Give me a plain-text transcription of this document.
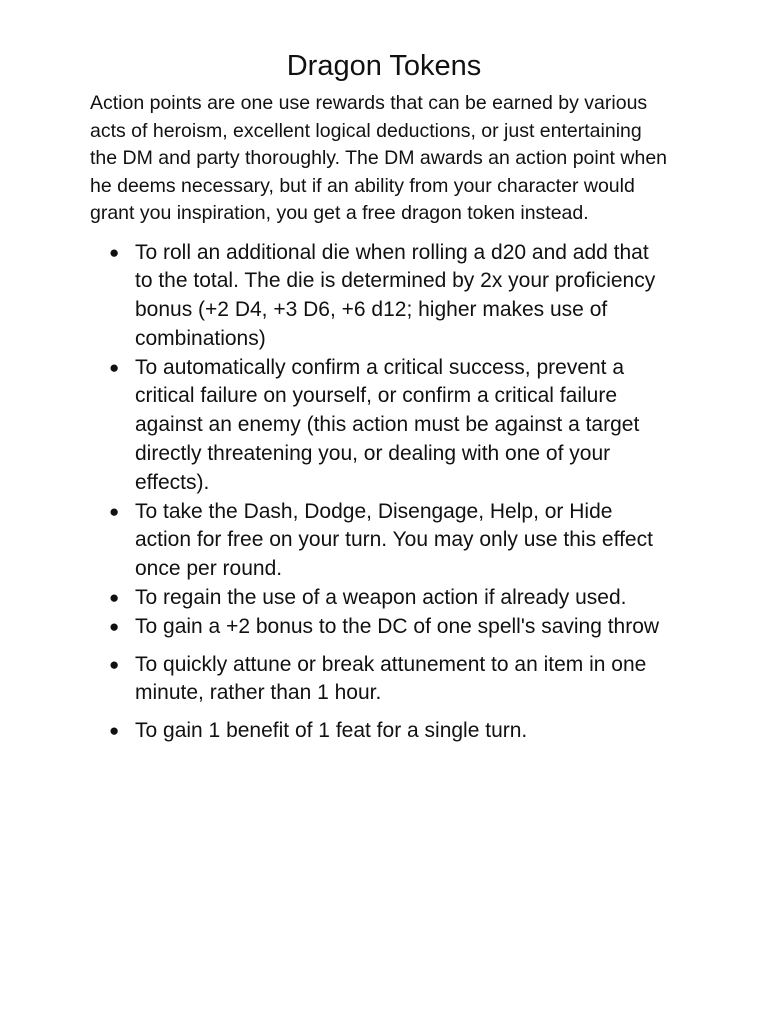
Dragon Tokens

Action points are one use rewards that can be earned by various acts of heroism, excellent logical deductions, or just entertaining the DM and party thoroughly. The DM awards an action point when he deems necessary, but if an ability from your character would grant you inspiration, you get a free dragon token instead.

● To roll an additional die when rolling a d20 and add that to the total. The die is determined by 2x your proficiency bonus (+2 D4, +3 D6, +6 d12; higher makes use of combinations)
● To automatically confirm a critical success, prevent a critical failure on yourself, or confirm a critical failure against an enemy (this action must be against a target directly threatening you, or dealing with one of your effects).
● To take the Dash, Dodge, Disengage, Help, or Hide action for free on your turn. You may only use this effect once per round.
● To regain the use of a weapon action if already used.
● To gain a +2 bonus to the DC of one spell's saving throw
● To quickly attune or break attunement to an item in one minute, rather than 1 hour.
● To gain 1 benefit of 1 feat for a single turn.
